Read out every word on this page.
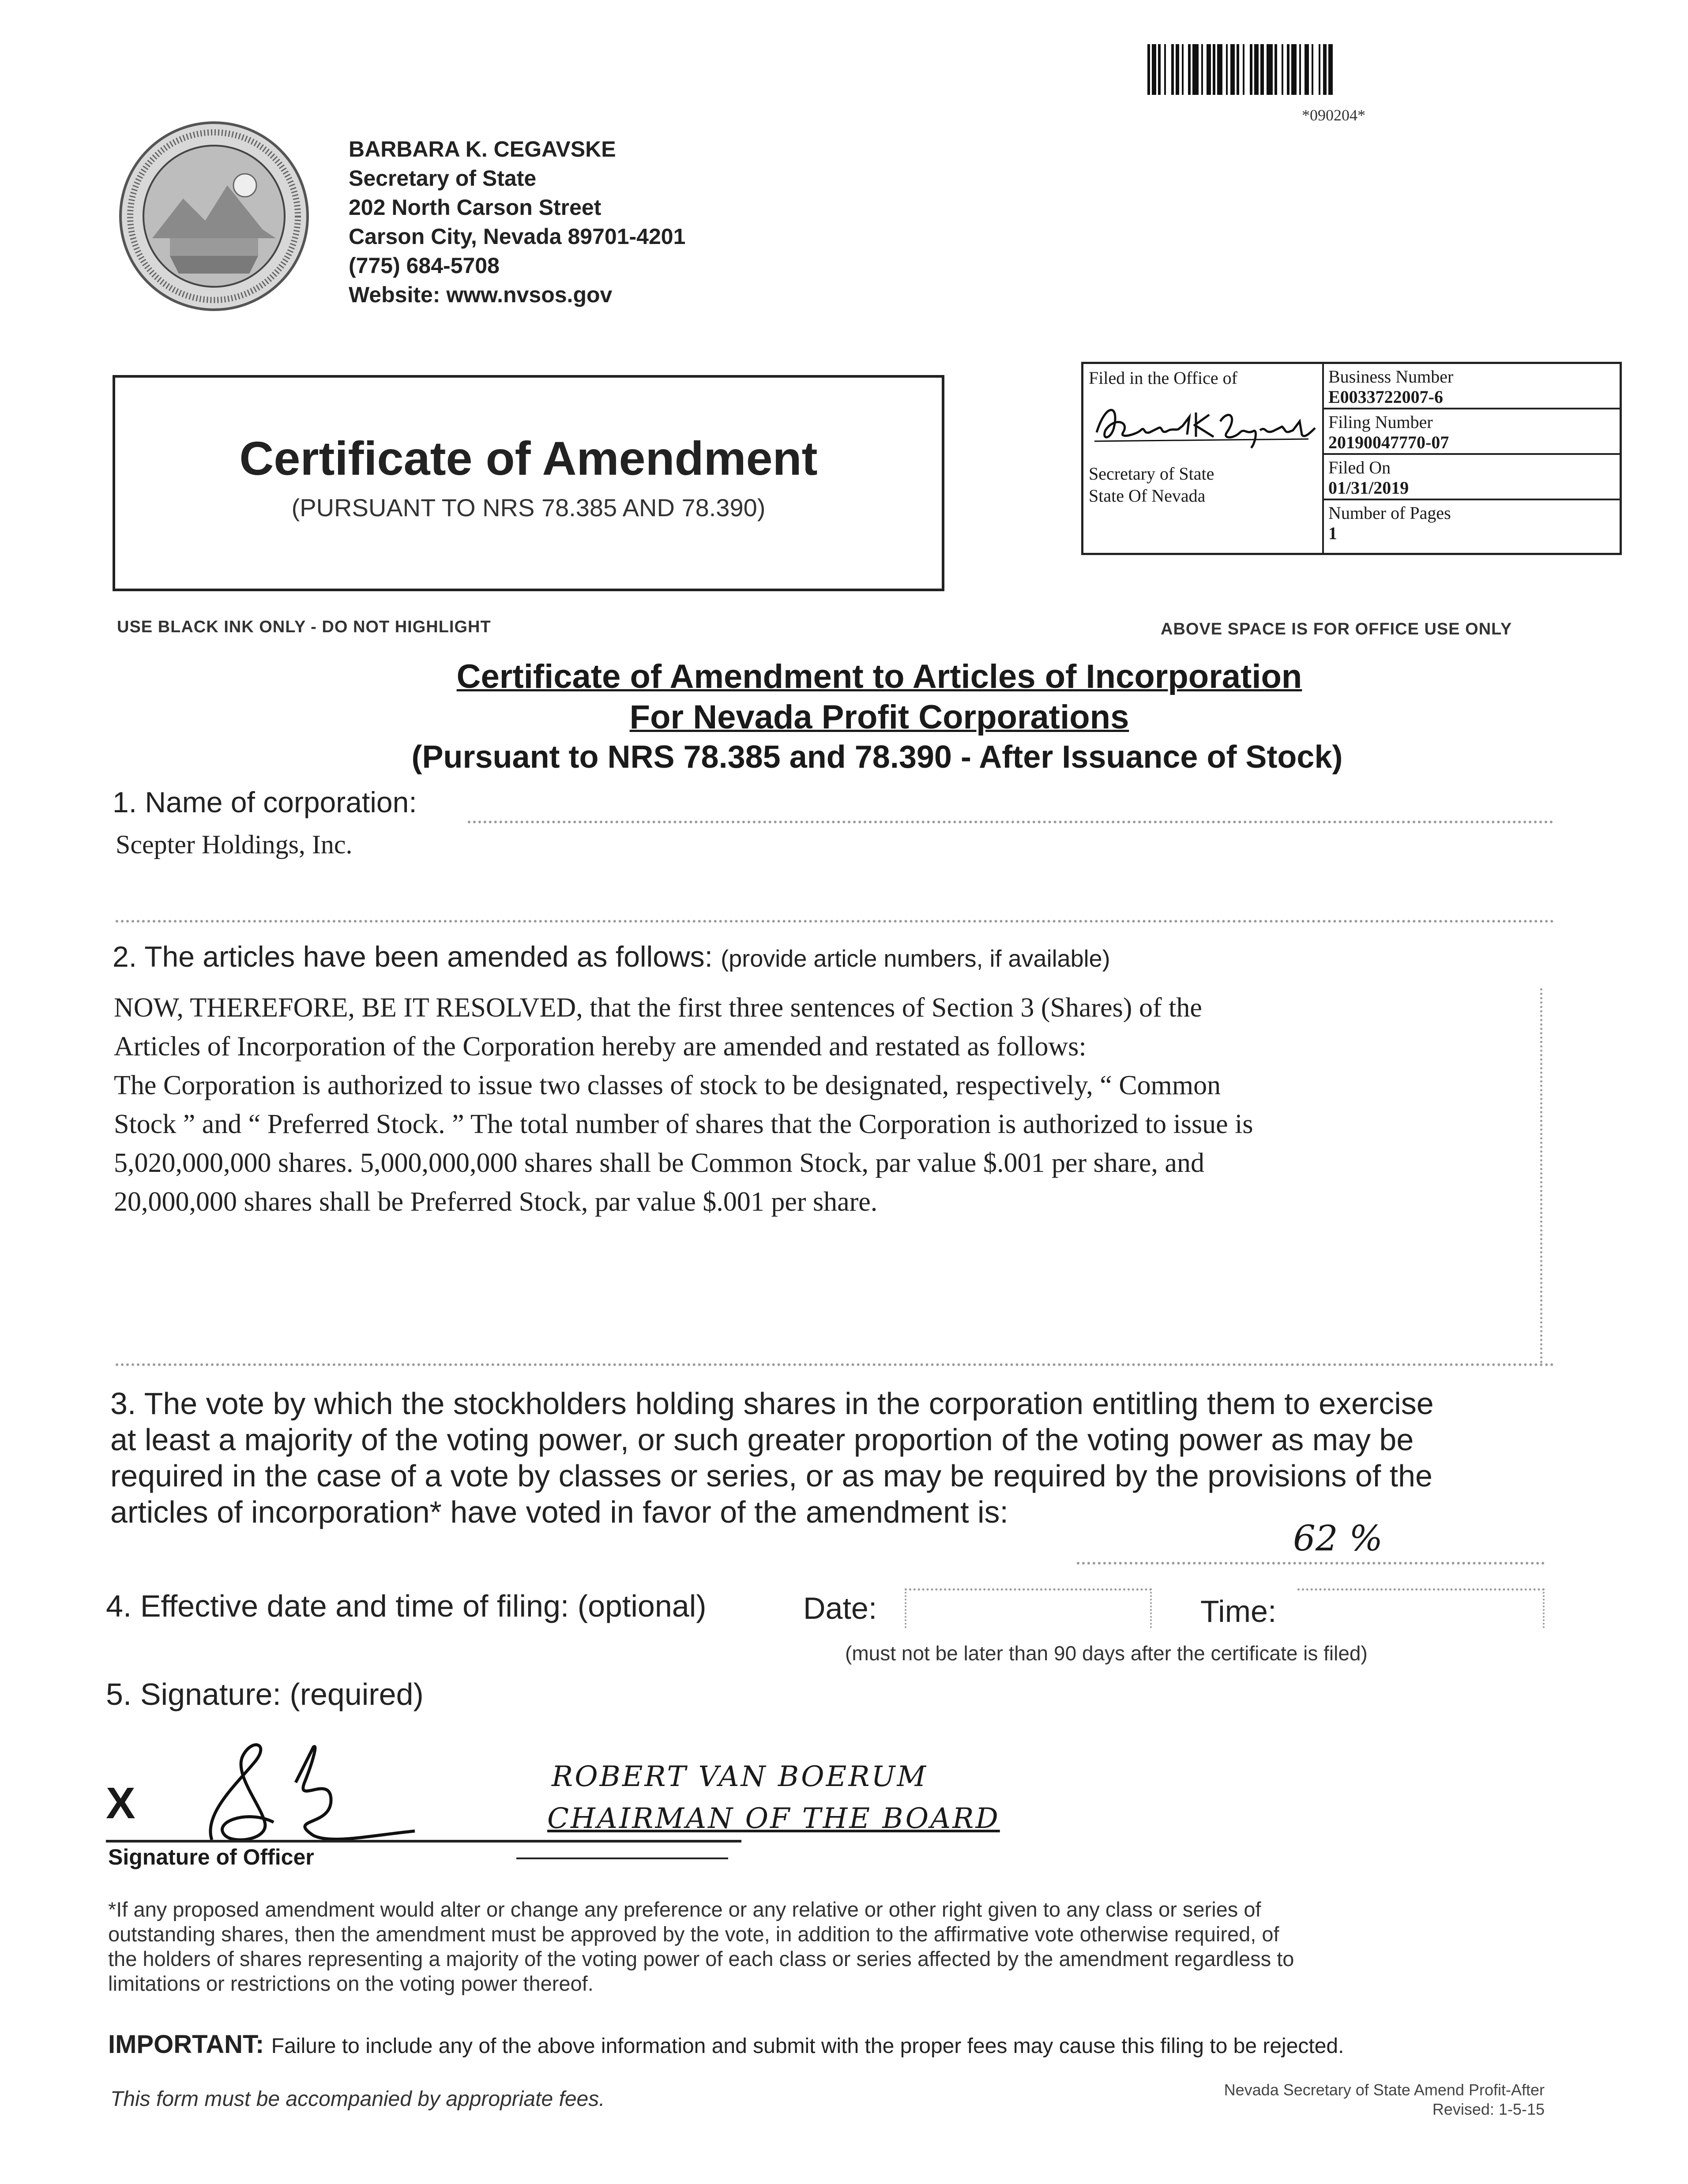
*090204*
BARBARA K. CEGAVSKE
Secretary of State
202 North Carson Street
Carson City, Nevada 89701-4201
(775) 684-5708
Website: www.nvsos.gov
Certificate of Amendment
(PURSUANT TO NRS 78.385 AND 78.390)
Filed in the Office of
Secretary of State
State Of Nevada
Business Number
E0033722007-6
Filing Number
20190047770-07
Filed On
01/31/2019
Number of Pages
1
USE BLACK INK ONLY - DO NOT HIGHLIGHT	ABOVE SPACE IS FOR OFFICE USE ONLY
Certificate of Amendment to Articles of Incorporation
For Nevada Profit Corporations
(Pursuant to NRS 78.385 and 78.390 - After Issuance of Stock)
1. Name of corporation:
Scepter Holdings, Inc.
2. The articles have been amended as follows: (provide article numbers, if available)
NOW, THEREFORE, BE IT RESOLVED, that the first three sentences of Section 3 (Shares) of the
Articles of Incorporation of the Corporation hereby are amended and restated as follows:
The Corporation is authorized to issue two classes of stock to be designated, respectively, “ Common
Stock ” and “ Preferred Stock. ” The total number of shares that the Corporation is authorized to issue is
5,020,000,000 shares. 5,000,000,000 shares shall be Common Stock, par value $.001 per share, and
20,000,000 shares shall be Preferred Stock, par value $.001 per share.
3. The vote by which the stockholders holding shares in the corporation entitling them to exercise
at least a majority of the voting power, or such greater proportion of the voting power as may be
required in the case of a vote by classes or series, or as may be required by the provisions of the
articles of incorporation* have voted in favor of the amendment is:
62 %
4. Effective date and time of filing: (optional)	Date:	Time:
(must not be later than 90 days after the certificate is filed)
5. Signature: (required)
X
Signature of Officer
ROBERT VAN BOERUM
CHAIRMAN OF THE BOARD
*If any proposed amendment would alter or change any preference or any relative or other right given to any class or series of
outstanding shares, then the amendment must be approved by the vote, in addition to the affirmative vote otherwise required, of
the holders of shares representing a majority of the voting power of each class or series affected by the amendment regardless to
limitations or restrictions on the voting power thereof.
IMPORTANT: Failure to include any of the above information and submit with the proper fees may cause this filing to be rejected.
This form must be accompanied by appropriate fees.	Nevada Secretary of State Amend Profit-After
Revised: 1-5-15
